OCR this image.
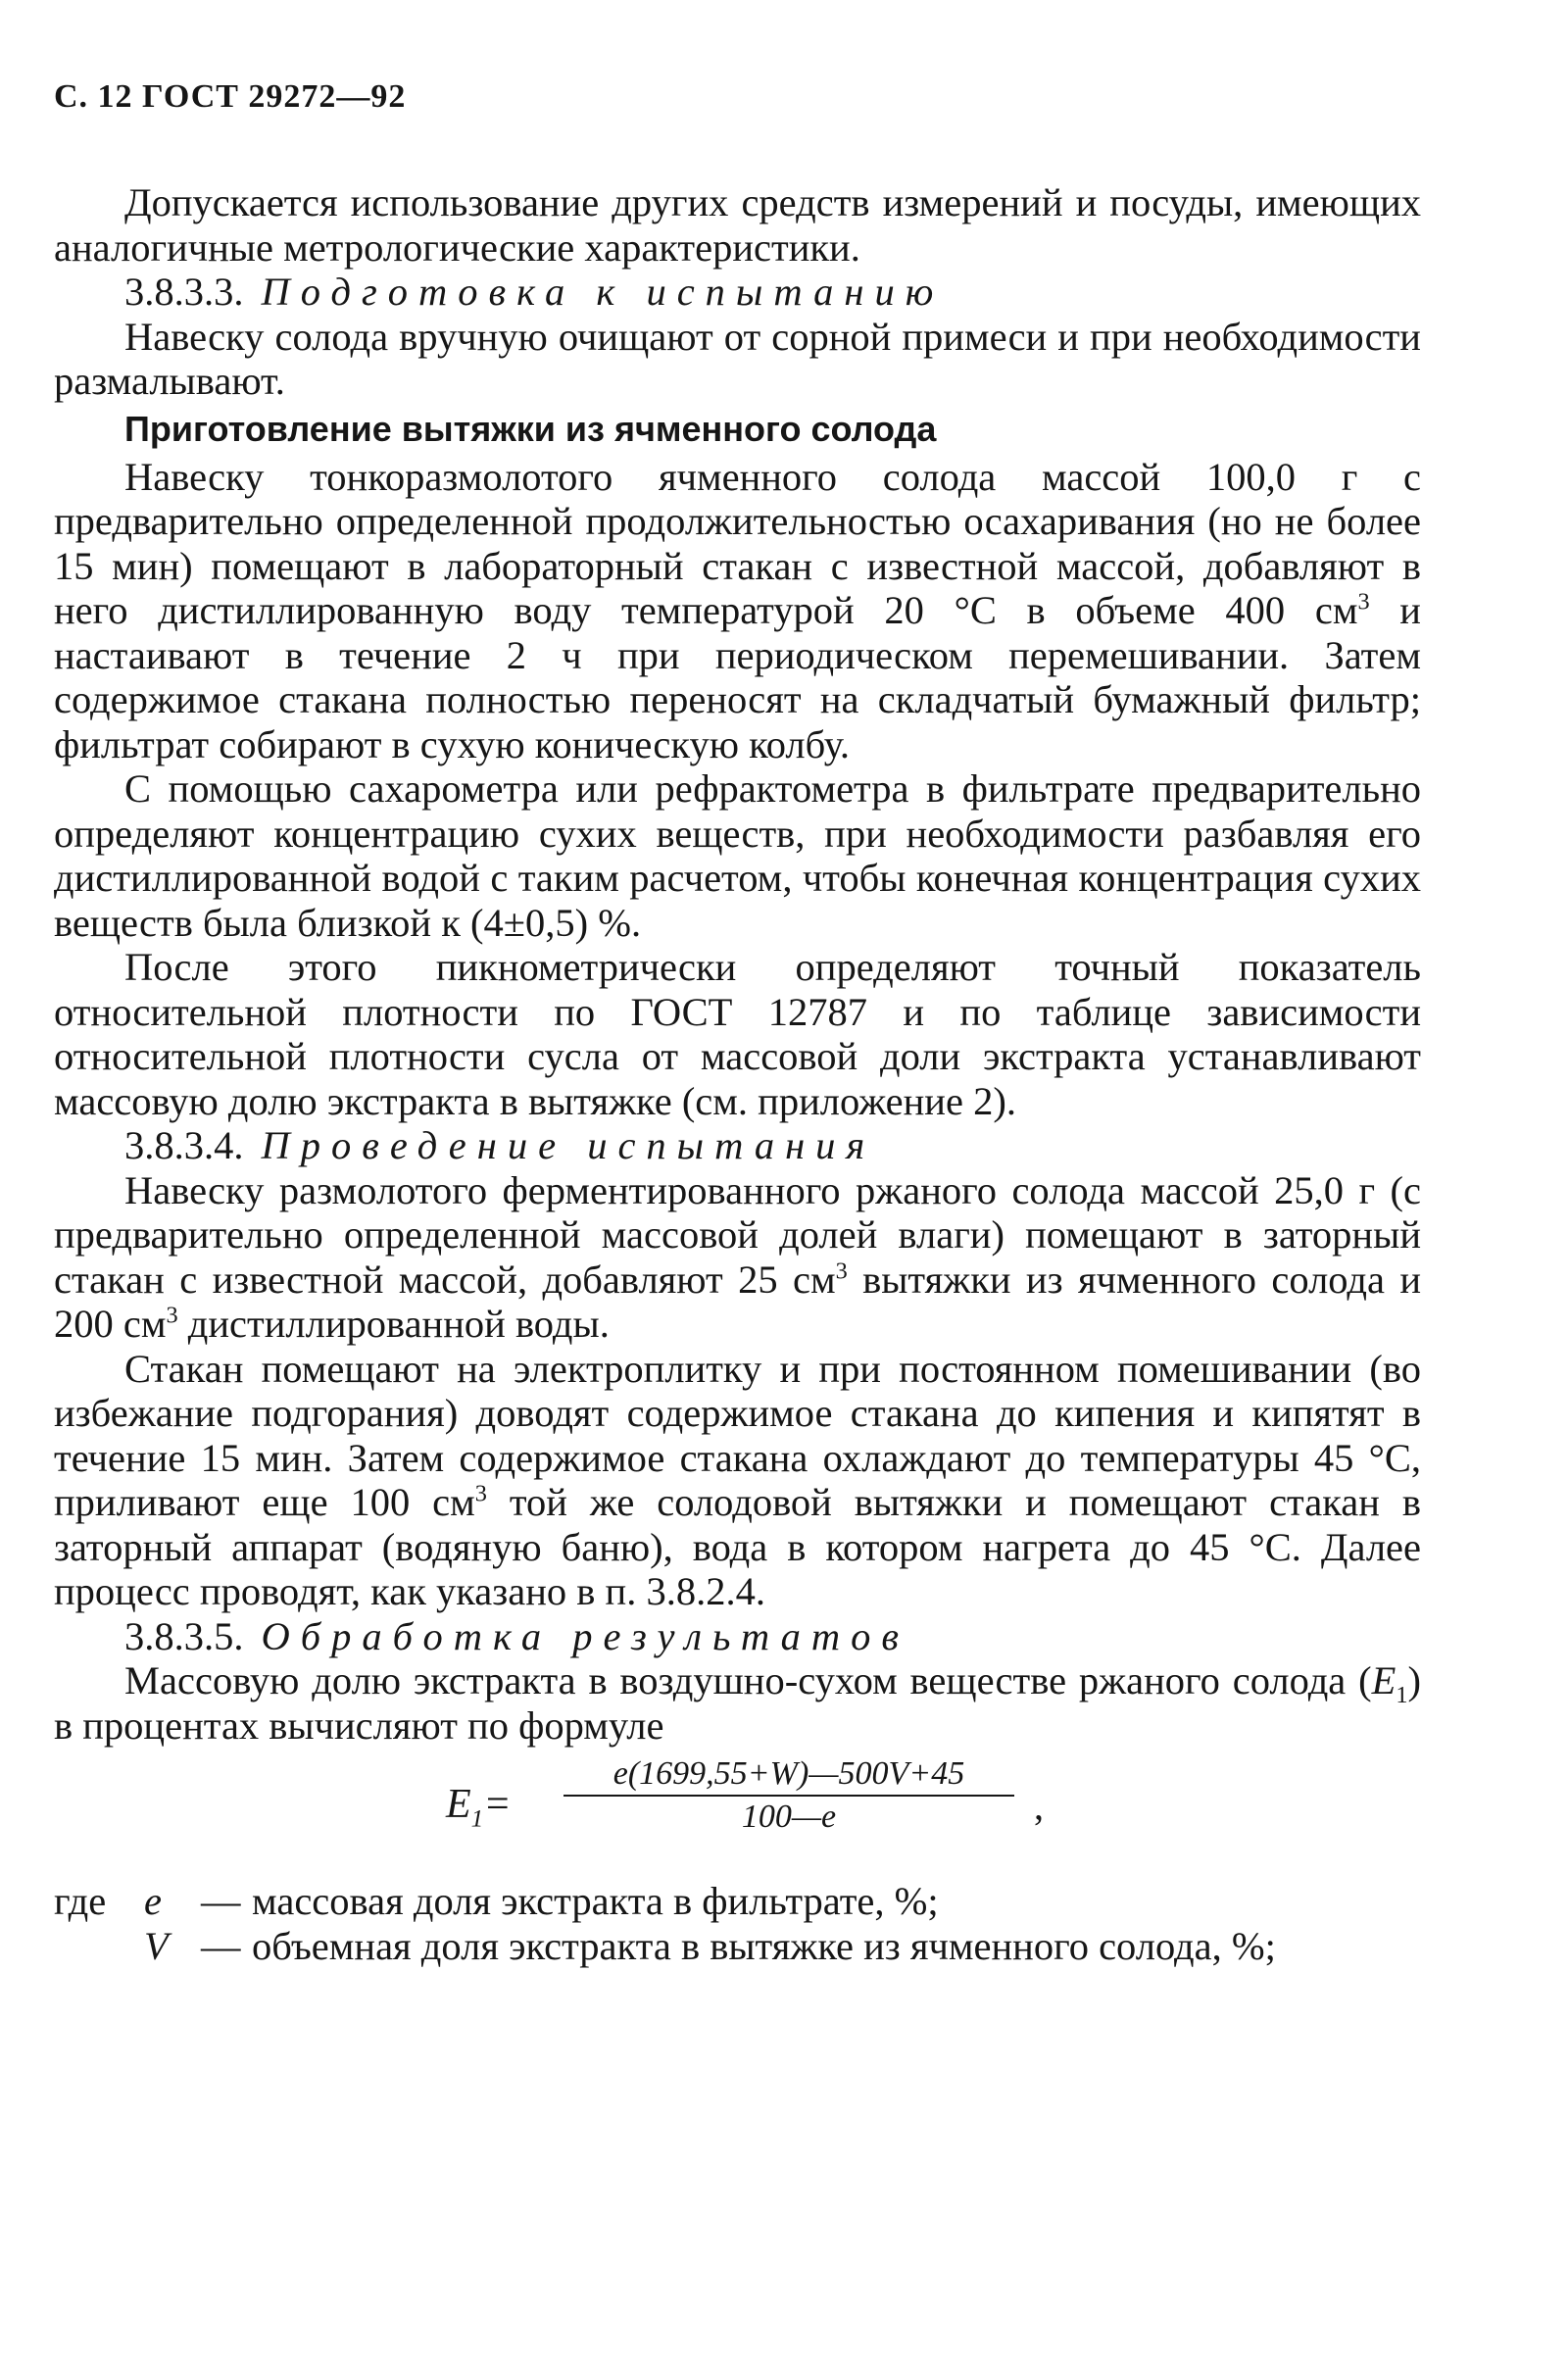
С. 12 ГОСТ 29272—92

Допускается использование других средств измерений и посуды, имеющих аналогичные метрологические характеристики.

3.8.3.3. Подготовка к испытанию

Навеску солода вручную очищают от сорной примеси и при необходимости размалывают.

Приготовление вытяжки из ячменного солода

Навеску тонкоразмолотого ячменного солода массой 100,0 г с предварительно определенной продолжительностью осахаривания (но не более 15 мин) помещают в лабораторный стакан с известной массой, добавляют в него дистиллированную воду температурой 20 °С в объеме 400 $см^3$ и настаивают в течение 2 ч при периодическом перемешивании. Затем содержимое стакана полностью переносят на складчатый бумажный фильтр; фильтрат собирают в сухую коническую колбу.

С помощью сахарометра или рефрактометра в фильтрате предварительно определяют концентрацию сухих веществ, при необходимости разбавляя его дистиллированной водой с таким расчетом, чтобы конечная концентрация сухих веществ была близкой к (4±0,5) %.

После этого пикнометрически определяют точный показатель относительной плотности по ГОСТ 12787 и по таблице зависимости относительной плотности сусла от массовой доли экстракта устанавливают массовую долю экстракта в вытяжке (см. приложение 2).

3.8.3.4. Проведение испытания

Навеску размолотого ферментированного ржаного солода массой 25,0 г (с предварительно определенной массовой долей влаги) помещают в заторный стакан с известной массой, добавляют 25 $см^3$ вытяжки из ячменного солода и 200 $см^3$ дистиллированной воды.

Стакан помещают на электроплитку и при постоянном помешивании (во избежание подгорания) доводят содержимое стакана до кипения и кипятят в течение 15 мин. Затем содержимое стакана охлаждают до температуры 45 °С, приливают еще 100 $см^3$ той же солодовой вытяжки и помещают стакан в заторный аппарат (водяную баню), вода в котором нагрета до 45 °С. Далее процесс проводят, как указано в п. 3.8.2.4.

3.8.3.5. Обработка результатов

Массовую долю экстракта в воздушно-сухом веществе ржаного солода $(E_1)$ в процентах вычисляют по формуле

$E_1= \frac{e(1699,55+W)—500V+45}{100—e}$ ,
где e — массовая доля экстракта в фильтрате, %;
V — объемная доля экстракта в вытяжке из ячменного солода, %;
